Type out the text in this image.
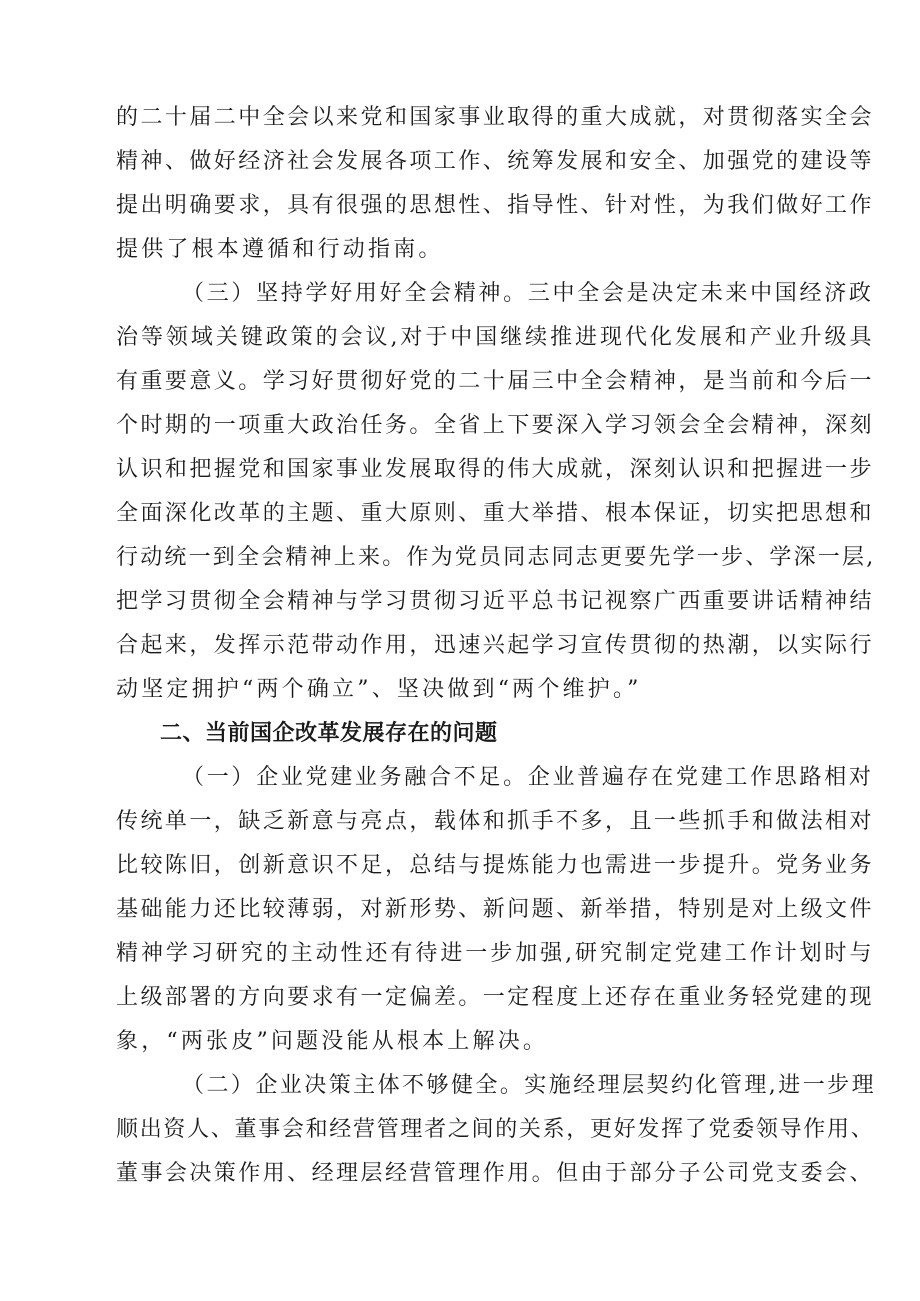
的二十届二中全会以来党和国家事业取得的重大成就，对贯彻落实全会
精神、做好经济社会发展各项工作、统筹发展和安全、加强党的建设等
提出明确要求，具有很强的思想性、指导性、针对性，为我们做好工作
提供了根本遵循和行动指南。
（三）坚持学好用好全会精神。三中全会是决定未来中国经济政
治等领域关键政策的会议,对于中国继续推进现代化发展和产业升级具
有重要意义。学习好贯彻好党的二十届三中全会精神，是当前和今后一
个时期的一项重大政治任务。全省上下要深入学习领会全会精神，深刻
认识和把握党和国家事业发展取得的伟大成就，深刻认识和把握进一步
全面深化改革的主题、重大原则、重大举措、根本保证，切实把思想和
行动统一到全会精神上来。作为党员同志同志更要先学一步、学深一层,
把学习贯彻全会精神与学习贯彻习近平总书记视察广西重要讲话精神结
合起来，发挥示范带动作用，迅速兴起学习宣传贯彻的热潮，以实际行
动坚定拥护“两个确立”、坚决做到“两个维护。”
二、当前国企改革发展存在的问题
（一）企业党建业务融合不足。企业普遍存在党建工作思路相对
传统单一，缺乏新意与亮点，载体和抓手不多，且一些抓手和做法相对
比较陈旧，创新意识不足，总结与提炼能力也需进一步提升。党务业务
基础能力还比较薄弱，对新形势、新问题、新举措，特别是对上级文件
精神学习研究的主动性还有待进一步加强,研究制定党建工作计划时与
上级部署的方向要求有一定偏差。一定程度上还存在重业务轻党建的现
象，“两张皮”问题没能从根本上解决。
（二）企业决策主体不够健全。实施经理层契约化管理,进一步理
顺出资人、董事会和经营管理者之间的关系，更好发挥了党委领导作用、
董事会决策作用、经理层经营管理作用。但由于部分子公司党支委会、
